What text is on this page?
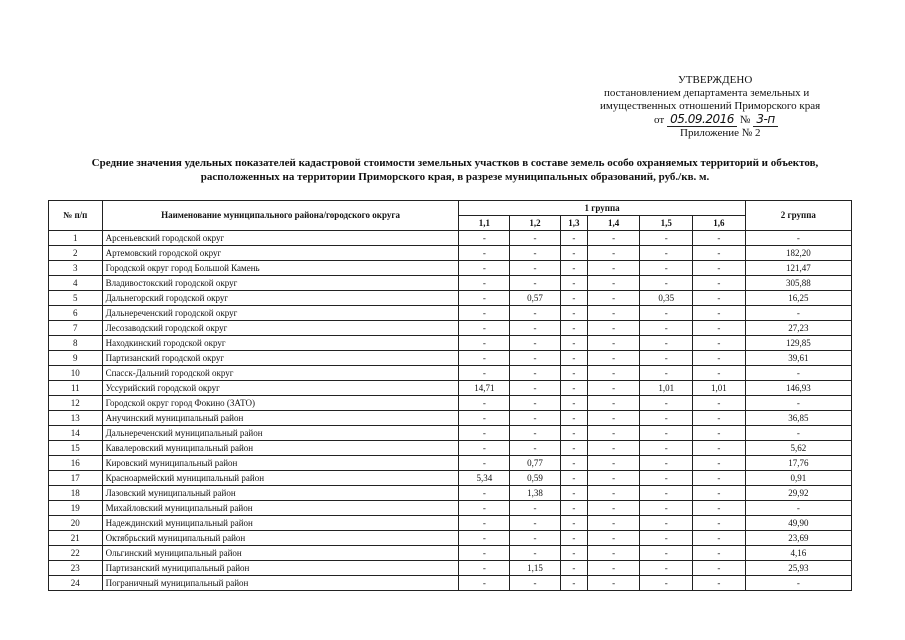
УТВЕРЖДЕНО
постановлением департамента земельных и
имущественных отношений Приморского края
от 05.09.2016 № 3-п
Приложение № 2
Средние значения удельных показателей кадастровой стоимости земельных участков в составе земель особо охраняемых территорий и объектов,
расположенных на территории Приморского края, в разрезе муниципальных образований, руб./кв. м.
№ п/п	Наименование муниципального района/городского округа	1 группа						2 группа
		1,1	1,2	1,3	1,4	1,5	1,6	
1	Арсеньевский городской округ	-	-	-	-	-	-	-
2	Артемовский городской округ	-	-	-	-	-	-	182,20
3	Городской округ город Большой Камень	-	-	-	-	-	-	121,47
4	Владивостокский городской округ	-	-	-	-	-	-	305,88
5	Дальнегорский городской округ	-	0,57	-	-	0,35	-	16,25
6	Дальнереченский городской округ	-	-	-	-	-	-	-
7	Лесозаводский городской округ	-	-	-	-	-	-	27,23
8	Находкинский городской округ	-	-	-	-	-	-	129,85
9	Партизанский городской округ	-	-	-	-	-	-	39,61
10	Спасск-Дальний городской округ	-	-	-	-	-	-	-
11	Уссурийский городской округ	14,71	-	-	-	1,01	1,01	146,93
12	Городской округ город Фокино (ЗАТО)	-	-	-	-	-	-	-
13	Анучинский муниципальный район	-	-	-	-	-	-	36,85
14	Дальнереченский муниципальный район	-	-	-	-	-	-	-
15	Кавалеровский муниципальный район	-	-	-	-	-	-	5,62
16	Кировский муниципальный район	-	0,77	-	-	-	-	17,76
17	Красноармейский муниципальный район	5,34	0,59	-	-	-	-	0,91
18	Лазовский муниципальный район	-	1,38	-	-	-	-	29,92
19	Михайловский муниципальный район	-	-	-	-	-	-	-
20	Надеждинский муниципальный район	-	-	-	-	-	-	49,90
21	Октябрьский муниципальный район	-	-	-	-	-	-	23,69
22	Ольгинский муниципальный район	-	-	-	-	-	-	4,16
23	Партизанский муниципальный район	-	1,15	-	-	-	-	25,93
24	Пограничный муниципальный район	-	-	-	-	-	-	-
